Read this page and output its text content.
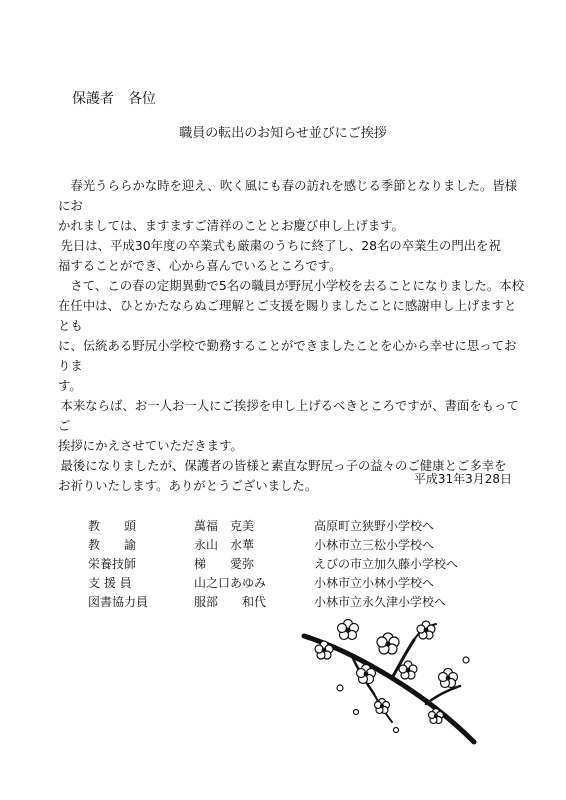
保護者　各位
職員の転出のお知らせ並びにご挨拶
春光うららかな時を迎え、吹く風にも春の訪れを感じる季節となりました。皆様にお
かれましては、ますますご清祥のこととお慶び申し上げます。
先日は、平成30年度の卒業式も厳粛のうちに終了し、28名の卒業生の門出を祝
福することができ、心から喜んでいるところです。
さて、この春の定期異動で5名の職員が野尻小学校を去ることになりました。本校
在任中は、ひとかたならぬご理解とご支援を賜りましたことに感謝申し上げますととも
に、伝統ある野尻小学校で勤務することができましたことを心から幸せに思っておりま
す。
本来ならば、お一人お一人にご挨拶を申し上げるべきところですが、書面をもってご
挨拶にかえさせていただきます。
最後になりましたが、保護者の皆様と素直な野尻っ子の益々のご健康とご多幸を
お祈りいたします。ありがとうございました。	平成31年3月28日
教　　頭	萬福　克美	高原町立狭野小学校へ
教　　諭	永山　水華	小林市立三松小学校へ
栄養技師	梯　　愛弥	えびの市立加久藤小学校へ
支 援 員	山之口あゆみ	小林市立小林小学校へ
図書協力員	服部　　和代	小林市立永久津小学校へ
